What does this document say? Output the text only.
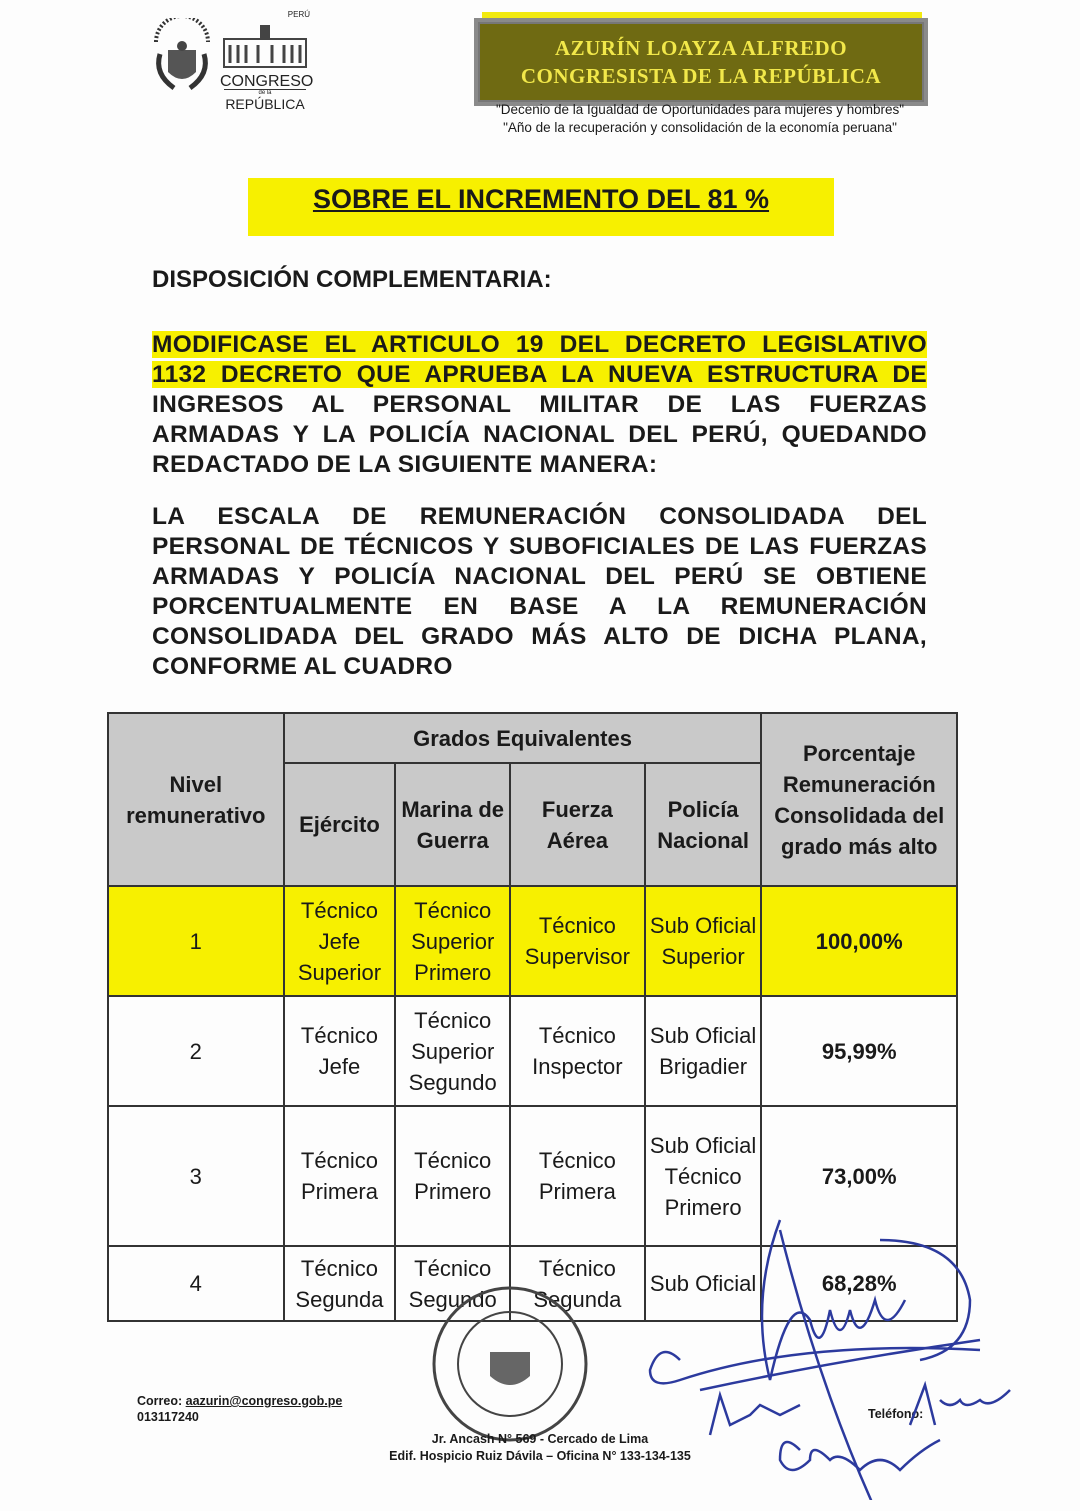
PERÚ
CONGRESO
de la
REPÚBLICA
AZURÍN LOAYZA ALFREDO
CONGRESISTA DE LA REPÚBLICA
"Decenio de la Igualdad de Oportunidades para mujeres y hombres"
"Año de la recuperación y consolidación de la economía peruana"
SOBRE EL INCREMENTO DEL 81 %
DISPOSICIÓN COMPLEMENTARIA:
MODIFICASE EL ARTICULO 19 DEL DECRETO LEGISLATIVO 1132 DECRETO QUE APRUEBA LA NUEVA ESTRUCTURA DE INGRESOS AL PERSONAL MILITAR DE LAS FUERZAS ARMADAS Y LA POLICÍA NACIONAL DEL PERÚ, QUEDANDO REDACTADO DE LA SIGUIENTE MANERA:
LA ESCALA DE REMUNERACIÓN CONSOLIDADA DEL PERSONAL DE TÉCNICOS Y SUBOFICIALES DE LAS FUERZAS ARMADAS Y POLICÍA NACIONAL DEL PERÚ SE OBTIENE PORCENTUALMENTE EN BASE A LA REMUNERACIÓN CONSOLIDADA DEL GRADO MÁS ALTO DE DICHA PLANA, CONFORME AL CUADRO
Nivel remunerativo	Grados Equivalentes				Porcentaje Remuneración Consolidada del grado más alto
	Ejército	Marina de Guerra	Fuerza Aérea	Policía Nacional	
1	Técnico Jefe Superior	Técnico Superior Primero	Técnico Supervisor	Sub Oficial Superior	100,00%
2	Técnico Jefe	Técnico Superior Segundo	Técnico Inspector	Sub Oficial Brigadier	95,99%
3	Técnico Primera	Técnico Primero	Técnico Primera	Sub Oficial Técnico Primero	73,00%
4	Técnico Segunda	Técnico Segundo	Técnico Segunda	Sub Oficial	68,28%
Correo: aazurin@congreso.gob.pe
013117240
Jr. Ancash N° 569 - Cercado de Lima
Edif. Hospicio Ruiz Dávila – Oficina N° 133-134-135
Teléfono:
